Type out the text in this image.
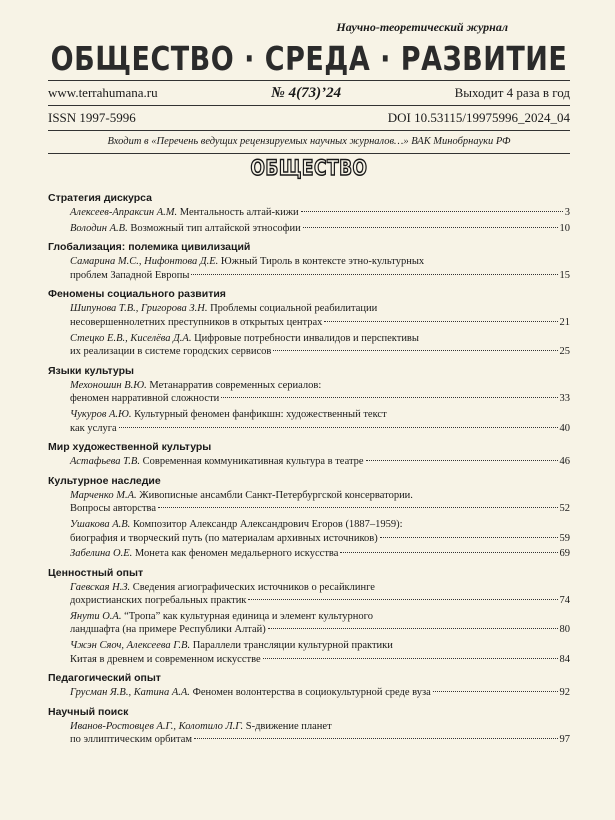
Научно-теоретический журнал
ОБЩЕСТВО · СРЕДА · РАЗВИТИЕ
www.terrahumana.ru	№ 4(73)’24	Выходит 4 раза в год
ISSN 1997-5996	DOI 10.53115/19975996_2024_04
Входит в «Перечень ведущих рецензируемых научных журналов…» ВАК Минобрнауки РФ
ОБЩЕСТВО
Стратегия дискурса
Алексеев-Апраксин А.М. Ментальность алтай-кижи	3
Володин А.В. Возможный тип алтайской этнософии	10
Глобализация: полемика цивилизаций
Самарина М.С., Нифонтова Д.Е. Южный Тироль в контексте этно-культурных
проблем Западной Европы	15
Феномены социального развития
Шипунова Т.В., Григорова З.Н. Проблемы социальной реабилитации
несовершеннолетних преступников в открытых центрах	21
Стецко Е.В., Киселёва Д.А. Цифровые потребности инвалидов и перспективы
их реализации в системе городских сервисов	25
Языки культуры
Мехоношин В.Ю. Метанарратив современных сериалов:
феномен нарративной сложности	33
Чукуров А.Ю. Культурный феномен фанфикшн: художественный текст
как услуга	40
Мир художественной культуры
Астафьева Т.В. Современная коммуникативная культура в театре	46
Культурное наследие
Марченко М.А. Живописные ансамбли Санкт-Петербургской консерватории.
Вопросы авторства	52
Ушакова А.В. Композитор Александр Александрович Егоров (1887–1959):
биография и творческий путь (по материалам архивных источников)	59
Забелина О.Е. Монета как феномен медальерного искусства	69
Ценностный опыт
Гаевская Н.З. Сведения агиографических источников о ресайклинге
дохристианских погребальных практик	74
Янути О.А. “Тропа” как культурная единица и элемент культурного
ландшафта (на примере Республики Алтай)	80
Чжэн Сяоч, Алексеева Г.В. Параллели трансляции культурной практики
Китая в древнем и современном искусстве	84
Педагогический опыт
Грусман Я.В., Катина А.А. Феномен волонтерства в социокультурной среде вуза	92
Научный поиск
Иванов-Ростовцев А.Г., Колотило Л.Г. S-движение планет
по эллиптическим орбитам	97
